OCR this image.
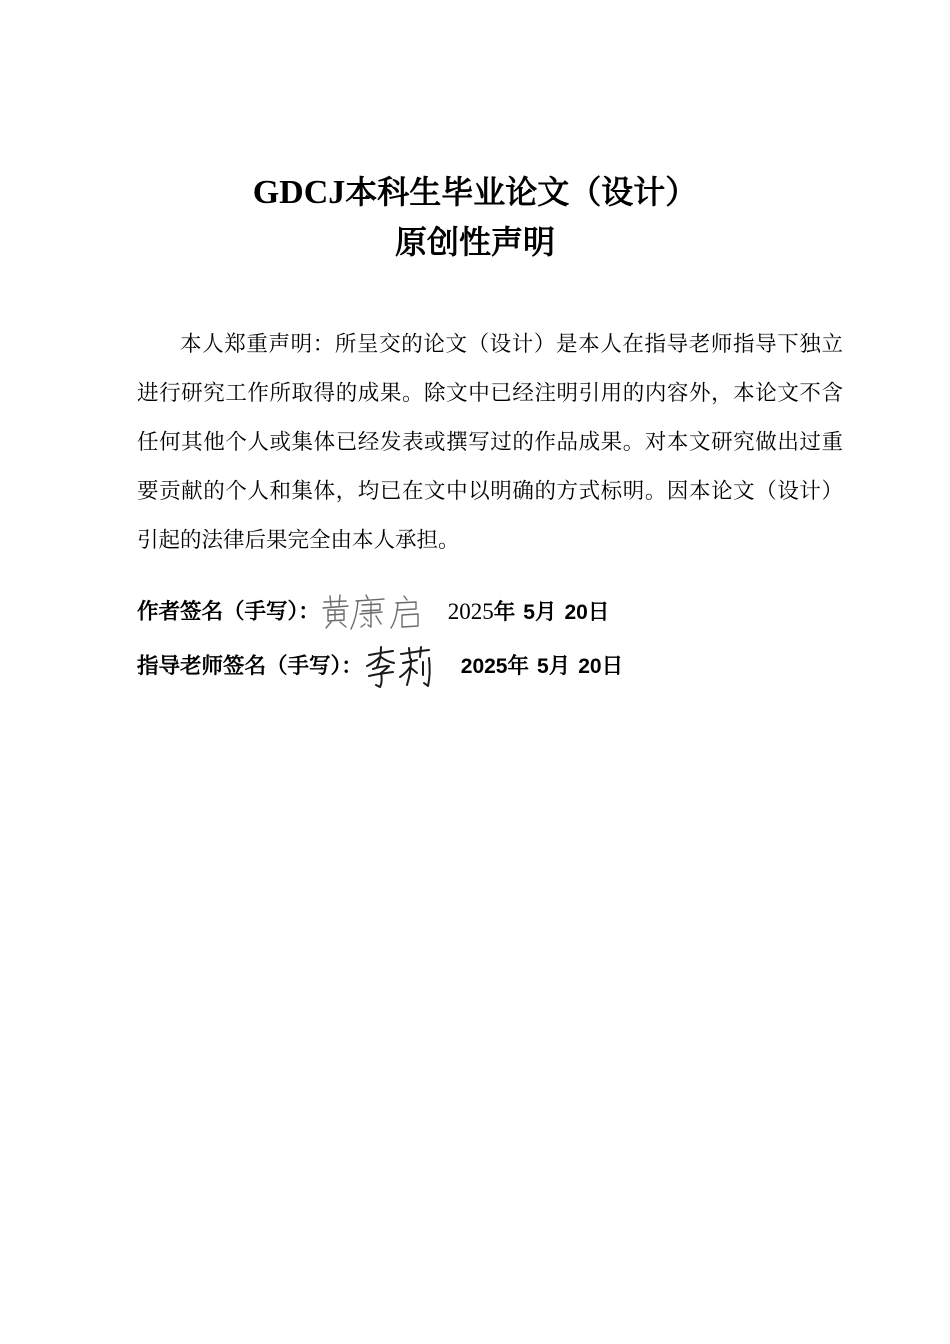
GDCJ本科生毕业论文（设计）
原创性声明

本人郑重声明：所呈交的论文（设计）是本人在指导老师指导下独立进行研究工作所取得的成果。除文中已经注明引用的内容外，本论文不含任何其他个人或集体已经发表或撰写过的作品成果。对本文研究做出过重要贡献的个人和集体，均已在文中以明确的方式标明。因本论文（设计）引起的法律后果完全由本人承担。

作者签名（手写）：	2025年 5月 20日
指导老师签名（手写）：	2025年 5月 20日
